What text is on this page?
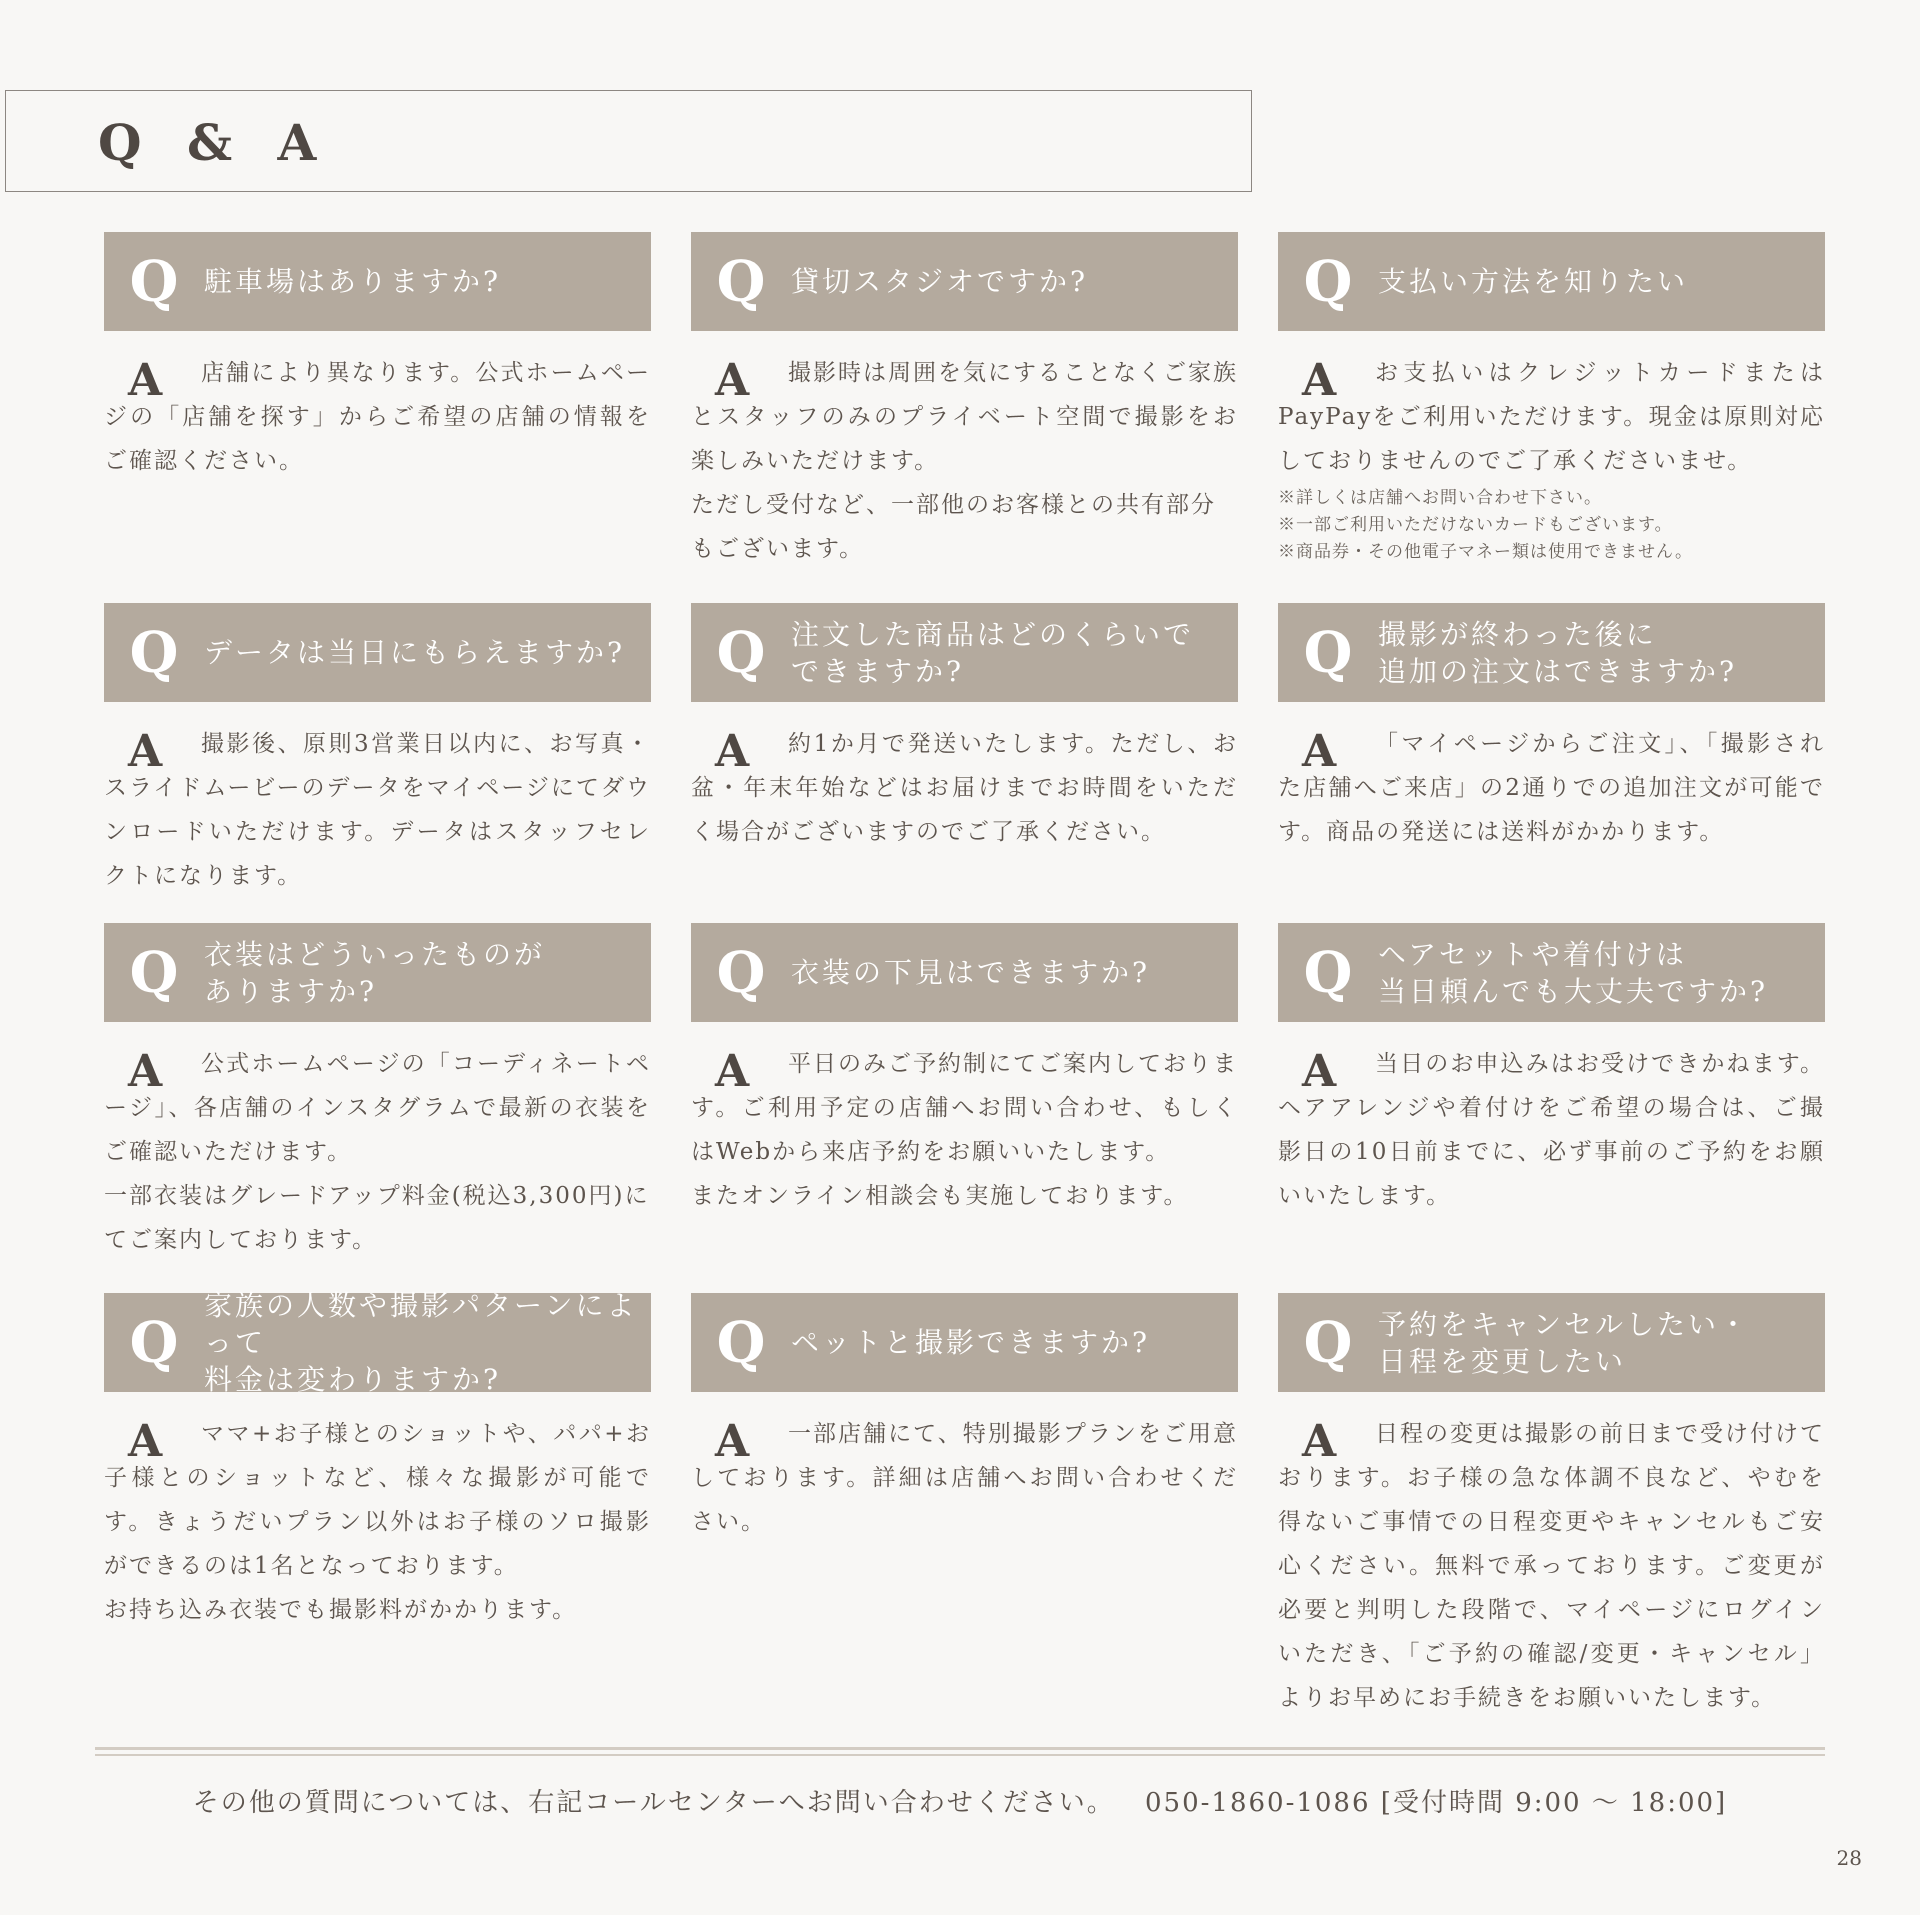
Q & A
Q 駐車場はありますか?
A	店舗により異なります。公式ホームページの「店舗を探す」からご希望の店舗の情報をご確認ください。

Q 貸切スタジオですか?
A	撮影時は周囲を気にすることなくご家族とスタッフのみのプライベート空間で撮影をお楽しみいただけます。

ただし受付など、一部他のお客様との共有部分もございます。

Q 支払い方法を知りたい
A	お支払いはクレジットカードまたはPayPayをご利用いただけます。現金は原則対応しておりませんのでご了承くださいませ。

※詳しくは店舗へお問い合わせ下さい。
※一部ご利用いただけないカードもございます。
※商品券・その他電子マネー類は使用できません。
Q データは当日にもらえますか?
A	撮影後、原則3営業日以内に、お写真・スライドムービーのデータをマイページにてダウンロードいただけます。データはスタッフセレクトになります。

Q 注文した商品はどのくらいで
できますか?
A	約1か月で発送いたします。ただし、お盆・年末年始などはお届けまでお時間をいただく場合がございますのでご了承ください。

Q 撮影が終わった後に
追加の注文はできますか?
A	「マイページからご注文」、「撮影された店舗へご来店」の2通りでの追加注文が可能です。商品の発送には送料がかかります。

Q 衣装はどういったものが
ありますか?
A	公式ホームページの「コーディネートページ」、各店舗のインスタグラムで最新の衣装をご確認いただけます。

一部衣装はグレードアップ料金(税込3,300円)にてご案内しております。

Q 衣装の下見はできますか?
A	平日のみご予約制にてご案内しております。ご利用予定の店舗へお問い合わせ、もしくはWebから来店予約をお願いいたします。

またオンライン相談会も実施しております。

Q ヘアセットや着付けは
当日頼んでも大丈夫ですか?
A	当日のお申込みはお受けできかねます。ヘアアレンジや着付けをご希望の場合は、ご撮影日の10日前までに、必ず事前のご予約をお願いいたします。

Q
家族の人数や撮影パターンによって
料金は変わりますか?
A	ママ+お子様とのショットや、パパ+お子様とのショットなど、様々な撮影が可能です。きょうだいプラン以外はお子様のソロ撮影ができるのは1名となっております。

お持ち込み衣装でも撮影料がかかります。

Q ペットと撮影できますか?
A	一部店舗にて、特別撮影プランをご用意しております。詳細は店舗へお問い合わせください。

Q 予約をキャンセルしたい・
日程を変更したい
A	日程の変更は撮影の前日まで受け付けております。お子様の急な体調不良など、やむを得ないご事情での日程変更やキャンセルもご安心ください。無料で承っております。ご変更が必要と判明した段階で、マイページにログインいただき、「ご予約の確認/変更・キャンセル」よりお早めにお手続きをお願いいたします。

その他の質問については、右記コールセンターへお問い合わせください。 050-1860-1086 [受付時間 9:00 〜 18:00]
28
